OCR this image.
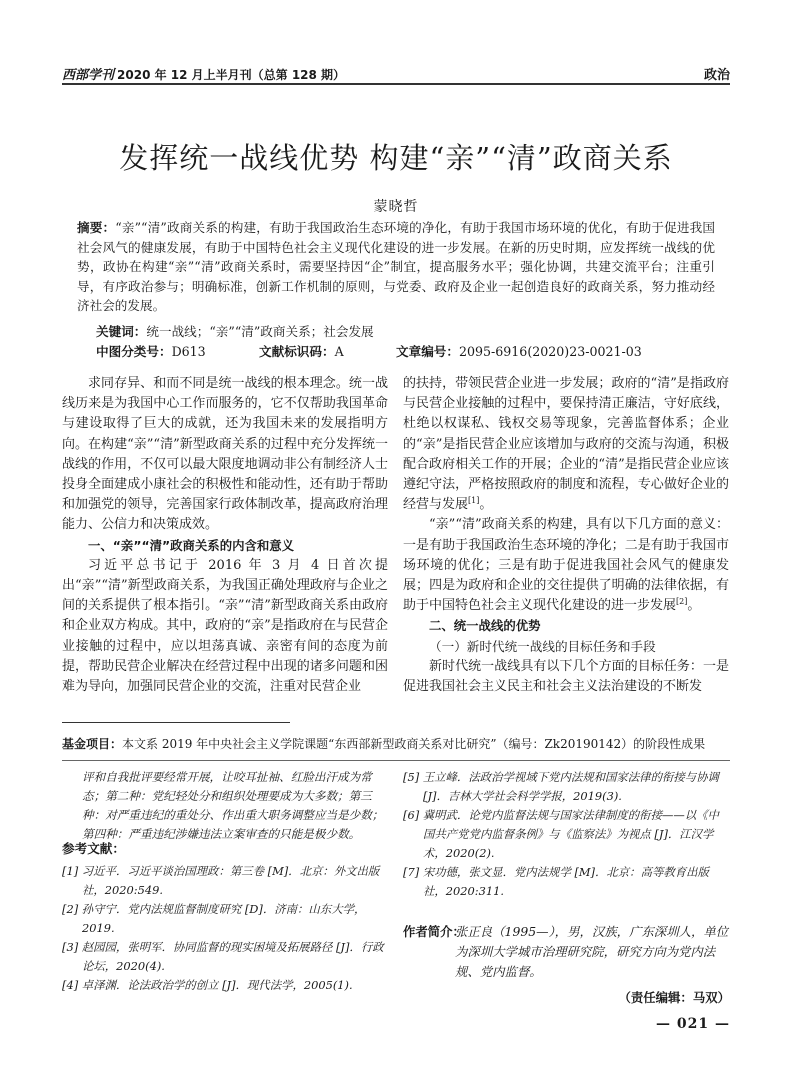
西部学刊 2020 年 12 月上半月刊（总第 128 期）	政治
发挥统一战线优势 构建“亲”“清”政商关系
蒙晓哲
摘要：“亲”“清”政商关系的构建，有助于我国政治生态环境的净化，有助于我国市场环境的优化，有助于促进我国社会风气的健康发展，有助于中国特色社会主义现代化建设的进一步发展。在新的历史时期，应发挥统一战线的优势，政协在构建“亲”“清”政商关系时，需要坚持因“企”制宜，提高服务水平；强化协调，共建交流平台；注重引导，有序政治参与；明确标准，创新工作机制的原则，与党委、政府及企业一起创造良好的政商关系，努力推动经济社会的发展。
关键词：统一战线；“亲”“清”政商关系；社会发展
中图分类号： D613	文献标识码： A	文章编号： 2095-6916(2020)23-0021-03

求同存异、和而不同是统一战线的根本理念。统一战线历来是为我国中心工作而服务的，它不仅帮助我国革命与建设取得了巨大的成就，还为我国未来的发展指明方向。在构建“亲”“清”新型政商关系的过程中充分发挥统一战线的作用，不仅可以最大限度地调动非公有制经济人士投身全面建成小康社会的积极性和能动性，还有助于帮助和加强党的领导，完善国家行政体制改革，提高政府治理能力、公信力和决策成效。

一、“亲”“清”政商关系的内含和意义

习近平总书记于 2016 年 3 月 4 日首次提出“亲”“清”新型政商关系，为我国正确处理政府与企业之间的关系提供了根本指引。“亲”“清”新型政商关系由政府和企业双方构成。其中，政府的“亲”是指政府在与民营企业接触的过程中，应以坦荡真诚、亲密有间的态度为前提，帮助民营企业解决在经营过程中出现的诸多问题和困难为导向，加强同民营企业的交流，注重对民营企业

的扶持，带领民营企业进一步发展；政府的“清”是指政府与民营企业接触的过程中，要保持清正廉洁，守好底线，杜绝以权谋私、钱权交易等现象，完善监督体系；企业的“亲”是指民营企业应该增加与政府的交流与沟通，积极配合政府相关工作的开展；企业的“清”是指民营企业应该遵纪守法，严格按照政府的制度和流程，专心做好企业的经营与发展[1]。

“亲”“清”政商关系的构建，具有以下几方面的意义：一是有助于我国政治生态环境的净化；二是有助于我国市场环境的优化；三是有助于促进我国社会风气的健康发展；四是为政府和企业的交往提供了明确的法律依据，有助于中国特色社会主义现代化建设的进一步发展[2]。

二、统一战线的优势
（一）新时代统一战线的目标任务和手段

新时代统一战线具有以下几个方面的目标任务：一是促进我国社会主义民主和社会主义法治建设的不断发

基金项目：本文系 2019 年中央社会主义学院课题“东西部新型政商关系对比研究”（编号：Zk20190142）的阶段性成果
评和自我批评要经常开展，让咬耳扯袖、红脸出汗成为常态；第二种：党纪轻处分和组织处理要成为大多数；第三种：对严重违纪的重处分、作出重大职务调整应当是少数；第四种：严重违纪涉嫌违法立案审查的只能是极少数。
参考文献：
[1] 习近平．习近平谈治国理政：第三卷 [M]．北京：外文出版社，2020:549.
[2] 孙守宁．党内法规监督制度研究 [D]．济南：山东大学，2019.
[3] 赵园园，张明军．协同监督的现实困境及拓展路径 [J]．行政论坛，2020(4).
[4] 卓泽渊．论法政治学的创立 [J]．现代法学，2005(1).
[5] 王立峰．法政治学视域下党内法规和国家法律的衔接与协调 [J]．吉林大学社会科学学报，2019(3).
[6] 冀明武．论党内监督法规与国家法律制度的衔接——以《中国共产党党内监督条例》与《监察法》为视点 [J]．江汉学术，2020(2).
[7] 宋功德，张文显．党内法规学 [M]．北京：高等教育出版社，2020:311.
作者简介：
张正良（1995—），男，汉族，广东深圳人，单位为深圳大学城市治理研究院，研究方向为党内法规、党内监督。
（责任编辑：马双）
— 021 —
